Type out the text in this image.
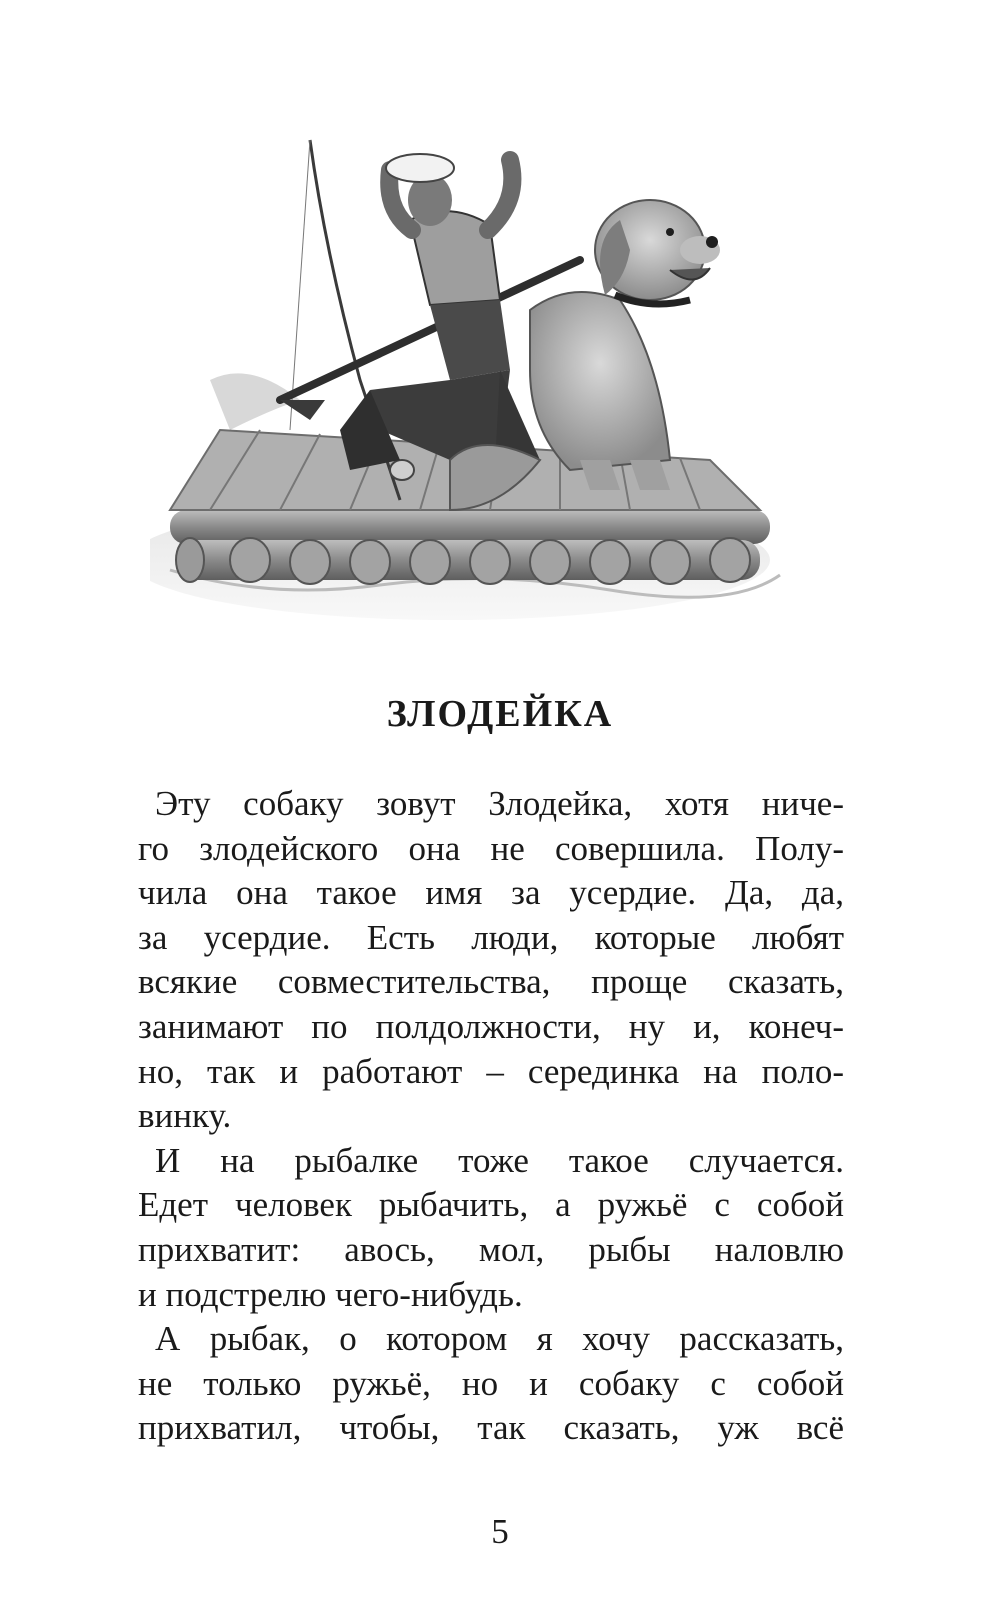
ЗЛОДЕЙКА
Эту собаку зовут Злодейка, хотя ниче-
го злодейского она не совершила. Полу-
чила она такое имя за усердие. Да, да,
за усердие. Есть люди, которые любят
всякие совместительства, проще сказать,
занимают по полдолжности, ну и, конеч-
но, так и работают – серединка на поло-
винку.
И на рыбалке тоже такое случается.
Едет человек рыбачить, а ружьё с собой
прихватит: авось, мол, рыбы наловлю
и подстрелю чего-нибудь.
А рыбак, о котором я хочу рассказать,
не только ружьё, но и собаку с собой
прихватил, чтобы, так сказать, уж всё
5
